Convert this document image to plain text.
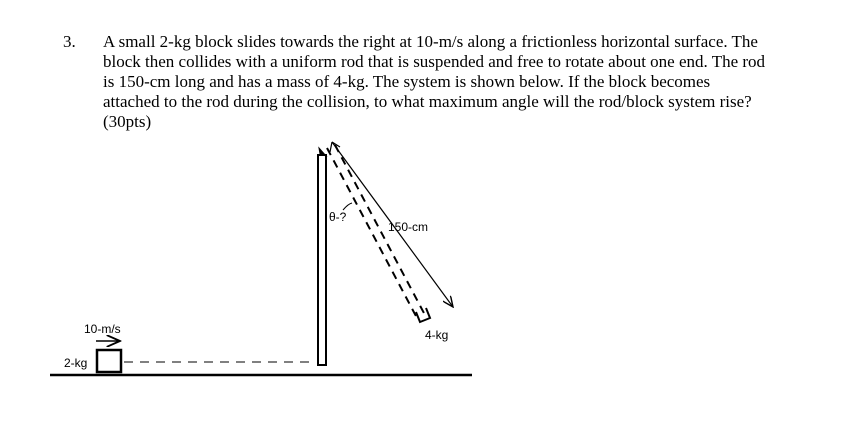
3. A small 2-kg block slides towards the right at 10-m/s along a frictionless horizontal surface. The
block then collides with a uniform rod that is suspended and free to rotate about one end. The rod
is 150-cm long and has a mass of 4-kg. The system is shown below. If the block becomes
attached to the rod during the collision, to what maximum angle will the rod/block system rise?
(30pts)
2-kg
10-m/s
θ-?
150-cm
4-kg
